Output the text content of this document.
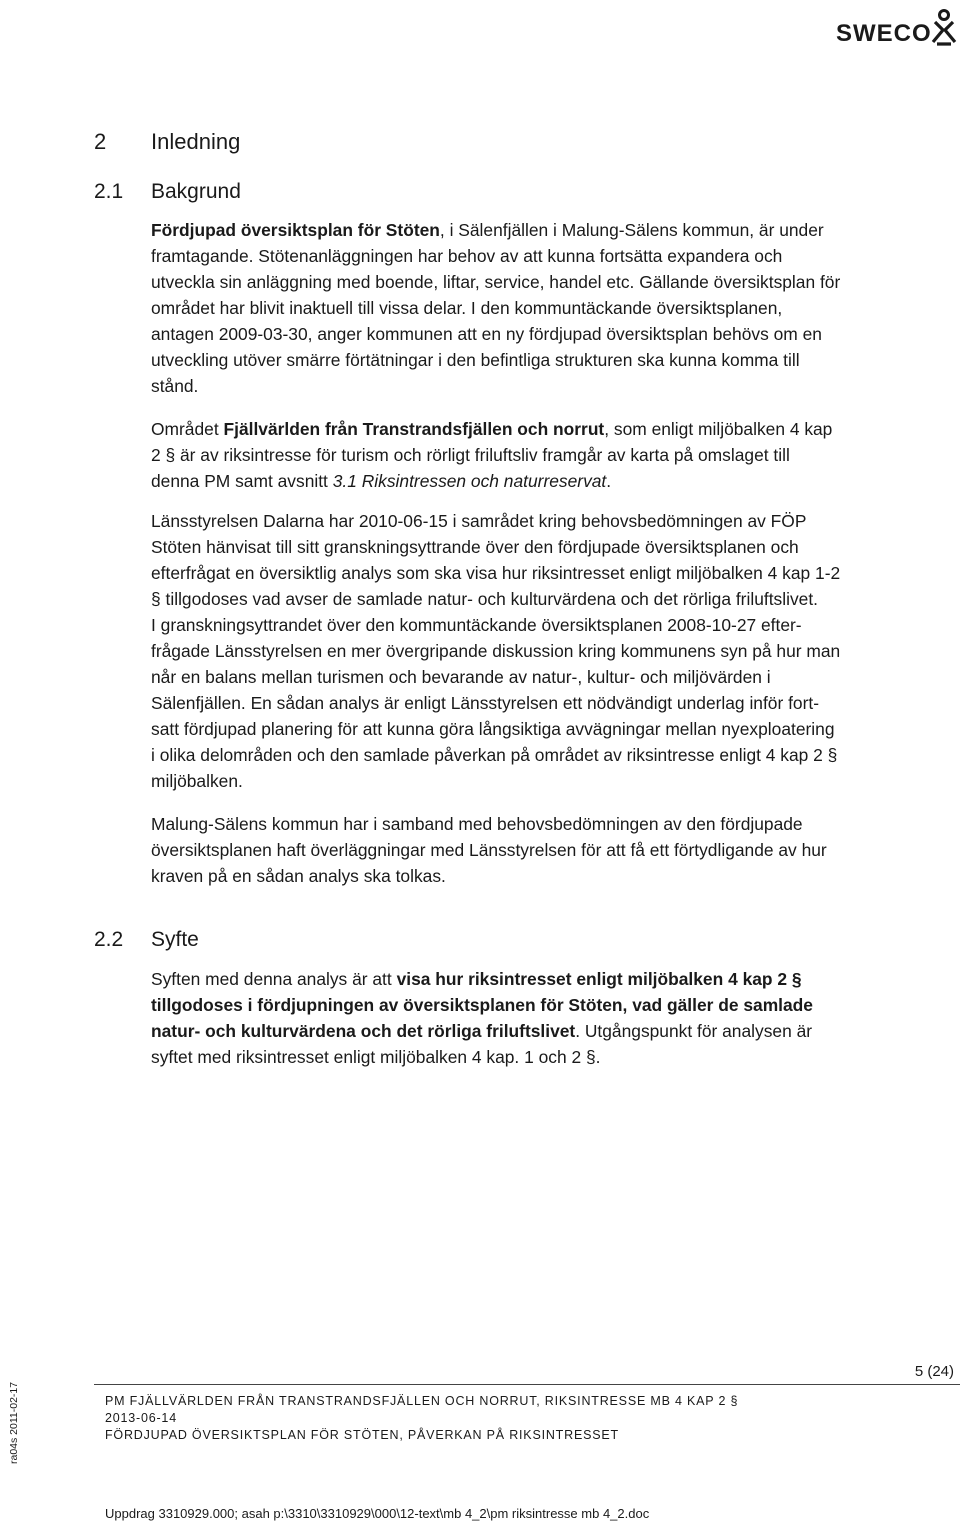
SWECO
2 Inledning
2.1 Bakgrund
Fördjupad översiktsplan för Stöten, i Sälenfjällen i Malung-Sälens kommun, är under
framtagande. Stötenanläggningen har behov av att kunna fortsätta expandera och
utveckla sin anläggning med boende, liftar, service, handel etc. Gällande översiktsplan för
området har blivit inaktuell till vissa delar. I den kommuntäckande översiktsplanen,
antagen 2009-03-30, anger kommunen att en ny fördjupad översiktsplan behövs om en
utveckling utöver smärre förtätningar i den befintliga strukturen ska kunna komma till
stånd.
Området Fjällvärlden från Transtrandsfjällen och norrut, som enligt miljöbalken 4 kap
2 § är av riksintresse för turism och rörligt friluftsliv framgår av karta på omslaget till
denna PM samt avsnitt 3.1 Riksintressen och naturreservat.
Länsstyrelsen Dalarna har 2010-06-15 i samrådet kring behovsbedömningen av FÖP
Stöten hänvisat till sitt granskningsyttrande över den fördjupade översiktsplanen och
efterfrågat en översiktlig analys som ska visa hur riksintresset enligt miljöbalken 4 kap 1-2
§ tillgodoses vad avser de samlade natur- och kulturvärdena och det rörliga friluftslivet.
I granskningsyttrandet över den kommuntäckande översiktsplanen 2008-10-27 efter-
frågade Länsstyrelsen en mer övergripande diskussion kring kommunens syn på hur man
når en balans mellan turismen och bevarande av natur-, kultur- och miljövärden i
Sälenfjällen. En sådan analys är enligt Länsstyrelsen ett nödvändigt underlag inför fort-
satt fördjupad planering för att kunna göra långsiktiga avvägningar mellan nyexploatering
i olika delområden och den samlade påverkan på området av riksintresse enligt 4 kap 2 §
miljöbalken.
Malung-Sälens kommun har i samband med behovsbedömningen av den fördjupade
översiktsplanen haft överläggningar med Länsstyrelsen för att få ett förtydligande av hur
kraven på en sådan analys ska tolkas.
2.2 Syfte
Syften med denna analys är att visa hur riksintresset enligt miljöbalken 4 kap 2 §
tillgodoses i fördjupningen av översiktsplanen för Stöten, vad gäller de samlade
natur- och kulturvärdena och det rörliga friluftslivet. Utgångspunkt för analysen är
syftet med riksintresset enligt miljöbalken 4 kap. 1 och 2 §.
5 (24)
PM FJÄLLVÄRLDEN FRÅN TRANSTRANDSFJÄLLEN OCH NORRUT, RIKSINTRESSE MB 4 KAP 2 §
2013-06-14
FÖRDJUPAD ÖVERSIKTSPLAN FÖR STÖTEN, PÅVERKAN PÅ RIKSINTRESSET
ra04s 2011-02-17
Uppdrag 3310929.000; asah p:\3310\3310929\000\12-text\mb 4_2\pm riksintresse mb 4_2.doc
